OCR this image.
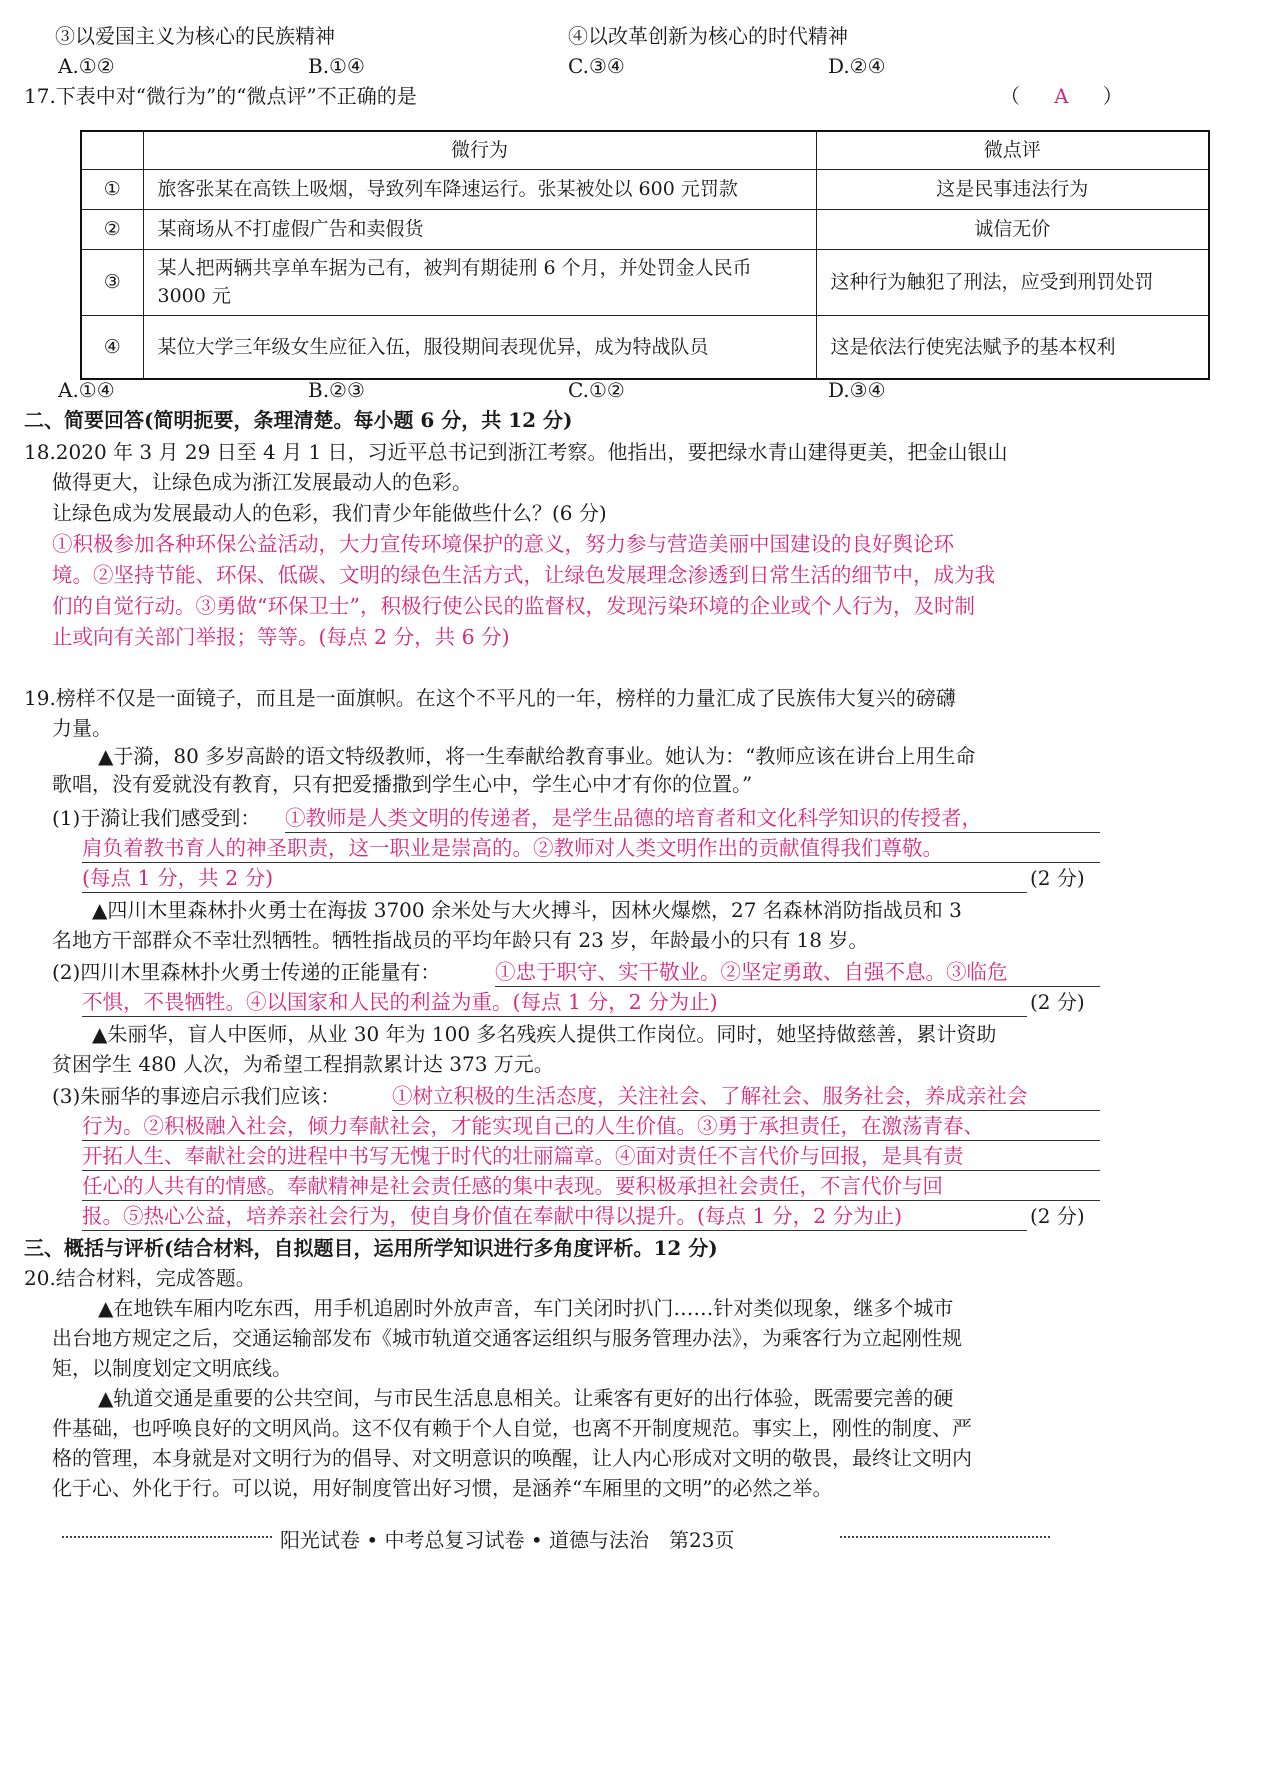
③以爱国主义为核心的民族精神	④以改革创新为核心的时代精神
A.①②	B.①④	C.③④	D.②④
17.下表中对“微行为”的“微点评”不正确的是	（ A ）
	微行为	微点评
①	旅客张某在高铁上吸烟，导致列车降速运行。张某被处以 600 元罚款	这是民事违法行为
②	某商场从不打虚假广告和卖假货	诚信无价
③	某人把两辆共享单车据为己有，被判有期徒刑 6 个月，并处罚金人民币 3000 元	这种行为触犯了刑法，应受到刑罚处罚
④	某位大学三年级女生应征入伍，服役期间表现优异，成为特战队员	这是依法行使宪法赋予的基本权利
A.①④	B.②③	C.①②	D.③④
二、简要回答(简明扼要，条理清楚。每小题 6 分，共 12 分)
18.2020 年 3 月 29 日至 4 月 1 日，习近平总书记到浙江考察。他指出，要把绿水青山建得更美，把金山银山
做得更大，让绿色成为浙江发展最动人的色彩。
让绿色成为发展最动人的色彩，我们青少年能做些什么？(6 分)
①积极参加各种环保公益活动，大力宣传环境保护的意义，努力参与营造美丽中国建设的良好舆论环
境。②坚持节能、环保、低碳、文明的绿色生活方式，让绿色发展理念渗透到日常生活的细节中，成为我
们的自觉行动。③勇做“环保卫士”，积极行使公民的监督权，发现污染环境的企业或个人行为，及时制
止或向有关部门举报；等等。(每点 2 分，共 6 分)
19.榜样不仅是一面镜子，而且是一面旗帜。在这个不平凡的一年，榜样的力量汇成了民族伟大复兴的磅礴
力量。
▲于漪，80 多岁高龄的语文特级教师，将一生奉献给教育事业。她认为：“教师应该在讲台上用生命
歌唱，没有爱就没有教育，只有把爱播撒到学生心中，学生心中才有你的位置。”
(1)于漪让我们感受到： ①教师是人类文明的传递者，是学生品德的培育者和文化科学知识的传授者，
肩负着教书育人的神圣职责，这一职业是崇高的。②教师对人类文明作出的贡献值得我们尊敬。
(每点 1 分，共 2 分)	(2 分)
▲四川木里森林扑火勇士在海拔 3700 余米处与大火搏斗，因林火爆燃，27 名森林消防指战员和 3
名地方干部群众不幸壮烈牺牲。牺牲指战员的平均年龄只有 23 岁，年龄最小的只有 18 岁。
(2)四川木里森林扑火勇士传递的正能量有：	①忠于职守、实干敬业。②坚定勇敢、自强不息。③临危
不惧，不畏牺牲。④以国家和人民的利益为重。(每点 1 分，2 分为止)	(2 分)
▲朱丽华，盲人中医师，从业 30 年为 100 多名残疾人提供工作岗位。同时，她坚持做慈善，累计资助
贫困学生 480 人次，为希望工程捐款累计达 373 万元。
(3)朱丽华的事迹启示我们应该：	①树立积极的生活态度，关注社会、了解社会、服务社会，养成亲社会
行为。②积极融入社会，倾力奉献社会，才能实现自己的人生价值。③勇于承担责任，在激荡青春、
开拓人生、奉献社会的进程中书写无愧于时代的壮丽篇章。④面对责任不言代价与回报，是具有责
任心的人共有的情感。奉献精神是社会责任感的集中表现。要积极承担社会责任，不言代价与回
报。⑤热心公益，培养亲社会行为，使自身价值在奉献中得以提升。(每点 1 分，2 分为止)	(2 分)
三、概括与评析(结合材料，自拟题目，运用所学知识进行多角度评析。12 分)
20.结合材料，完成答题。
▲在地铁车厢内吃东西，用手机追剧时外放声音，车门关闭时扒门……针对类似现象，继多个城市
出台地方规定之后，交通运输部发布《城市轨道交通客运组织与服务管理办法》，为乘客行为立起刚性规
矩，以制度划定文明底线。
▲轨道交通是重要的公共空间，与市民生活息息相关。让乘客有更好的出行体验，既需要完善的硬
件基础，也呼唤良好的文明风尚。这不仅有赖于个人自觉，也离不开制度规范。事实上，刚性的制度、严
格的管理，本身就是对文明行为的倡导、对文明意识的唤醒，让人内心形成对文明的敬畏，最终让文明内
化于心、外化于行。可以说，用好制度管出好习惯，是涵养“车厢里的文明”的必然之举。
阳光试卷 • 中考总复习试卷 • 道德与法治　第23页
